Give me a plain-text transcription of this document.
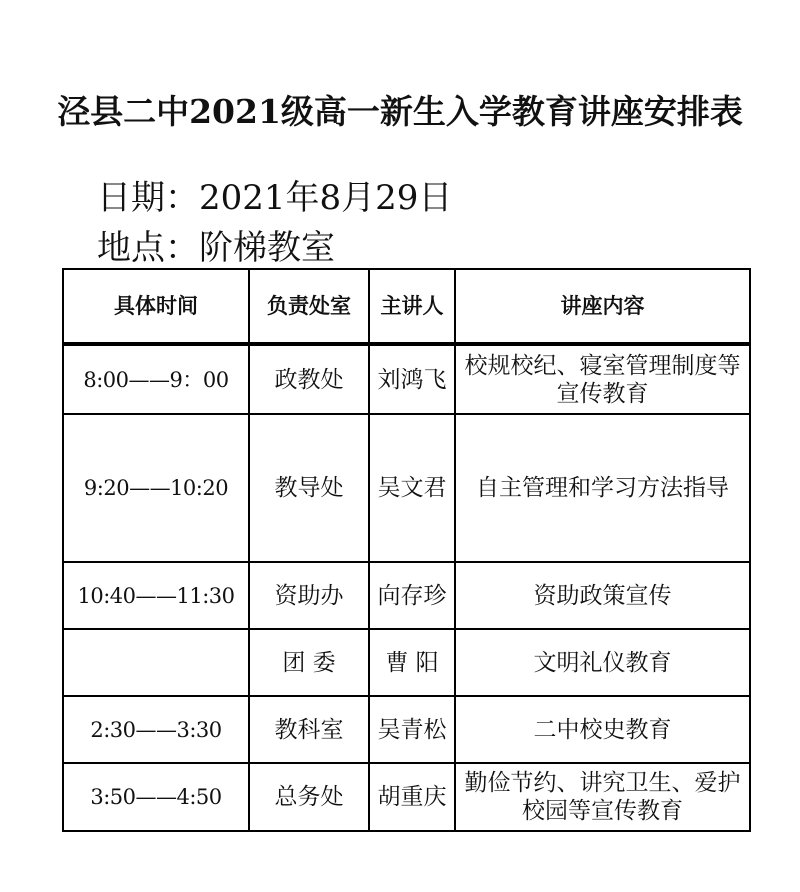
泾县二中2021级高一新生入学教育讲座安排表
日期：2021年8月29日
地点：阶梯教室
具体时间	负责处室	主讲人	讲座内容
8:00——9：00	政教处	刘鸿飞	校规校纪、寝室管理制度等宣传教育
9:20——10:20	教导处	吴文君	自主管理和学习方法指导
10:40——11:30	资助办	向存珍	资助政策宣传
	团 委	曹 阳	文明礼仪教育
2:30——3:30	教科室	吴青松	二中校史教育
3:50——4:50	总务处	胡重庆	勤俭节约、讲究卫生、爱护校园等宣传教育
